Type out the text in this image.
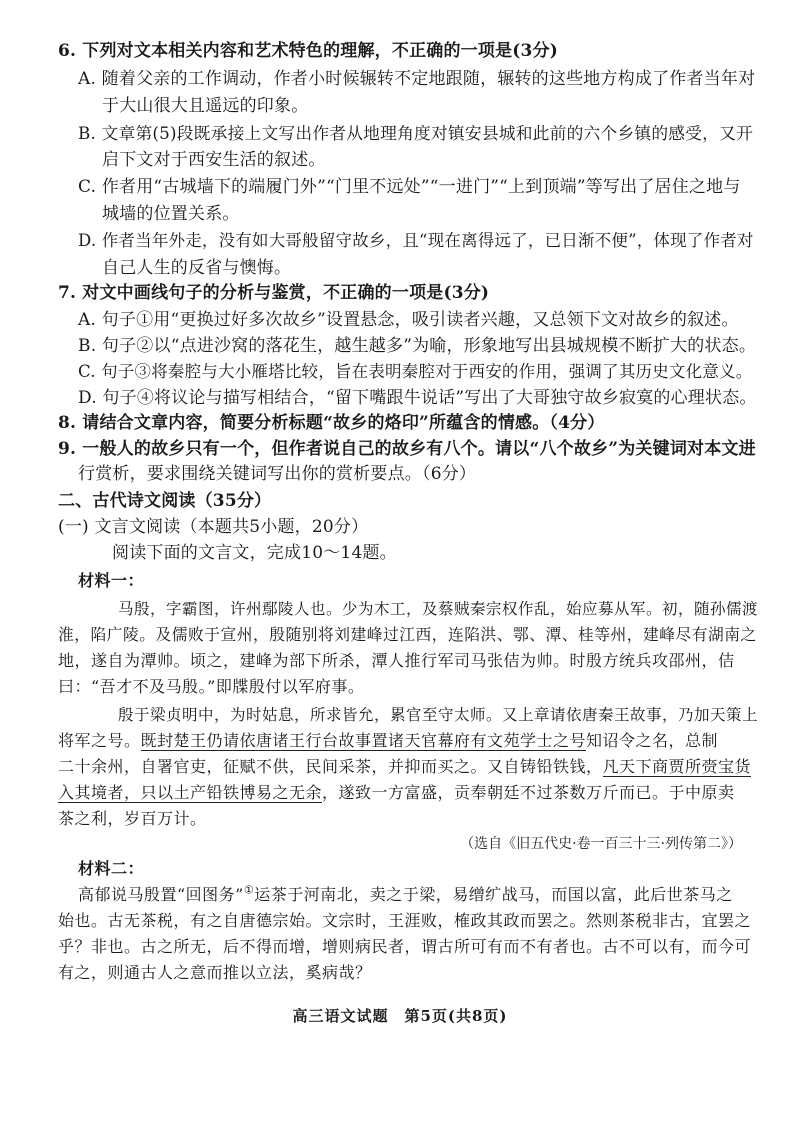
6. 下列对文本相关内容和艺术特色的理解，不正确的一项是(3分)
A. 随着父亲的工作调动，作者小时候辗转不定地跟随，辗转的这些地方构成了作者当年对
于大山很大且遥远的印象。
B. 文章第(5)段既承接上文写出作者从地理角度对镇安县城和此前的六个乡镇的感受，又开
启下文对于西安生活的叙述。
C. 作者用“古城墙下的端履门外”“门里不远处”“一进门”“上到顶端”等写出了居住之地与
城墙的位置关系。
D. 作者当年外走，没有如大哥般留守故乡，且“现在离得远了，已日渐不便”，体现了作者对
自己人生的反省与懊悔。
7. 对文中画线句子的分析与鉴赏，不正确的一项是(3分)
A. 句子①用“更换过好多次故乡”设置悬念，吸引读者兴趣，又总领下文对故乡的叙述。
B. 句子②以“点进沙窝的落花生，越生越多”为喻，形象地写出县城规模不断扩大的状态。
C. 句子③将秦腔与大小雁塔比较，旨在表明秦腔对于西安的作用，强调了其历史文化意义。
D. 句子④将议论与描写相结合，“留下嘴跟牛说话”写出了大哥独守故乡寂寞的心理状态。
8. 请结合文章内容，简要分析标题“故乡的烙印”所蕴含的情感。（4分）
9. 一般人的故乡只有一个，但作者说自己的故乡有八个。请以“八个故乡”为关键词对本文进
行赏析，要求围绕关键词写出你的赏析要点。（6分）
二、古代诗文阅读（35分）
(一) 文言文阅读（本题共5小题，20分）
阅读下面的文言文，完成10～14题。
材料一：
马殷，字霸图，许州鄢陵人也。少为木工，及蔡贼秦宗权作乱，始应募从军。初，随孙儒渡
淮，陷广陵。及儒败于宣州，殷随别将刘建峰过江西，连陷洪、鄂、潭、桂等州，建峰尽有湖南之
地，遂自为潭帅。顷之，建峰为部下所杀，潭人推行军司马张佶为帅。时殷方统兵攻邵州，佶
曰：“吾才不及马殷。”即牒殷付以军府事。
殷于梁贞明中，为时姑息，所求皆允，累官至守太师。又上章请依唐秦王故事，乃加天策上
将军之号。既封楚王仍请依唐诸王行台故事置诸天官幕府有文苑学士之号知诏令之名，总制
二十余州，自署官吏，征赋不供，民间采茶，并抑而买之。又自铸铅铁钱，凡天下商贾所赍宝货
入其境者，只以土产铅铁博易之无余，遂致一方富盛，贡奉朝廷不过茶数万斤而已。于中原卖
茶之利，岁百万计。
（选自《旧五代史·卷一百三十三·列传第二》）
材料二：
高郁说马殷置“回图务”①运茶于河南北，卖之于梁，易缯纩战马，而国以富，此后世茶马之
始也。古无茶税，有之自唐德宗始。文宗时，王涯败，榷政其政而罢之。然则茶税非古，宜罢之
乎？非也。古之所无，后不得而增，增则病民者，谓古所可有而不有者也。古不可以有，而今可
有之，则通古人之意而推以立法，奚病哉？
高三语文试题　第5页(共8页)
